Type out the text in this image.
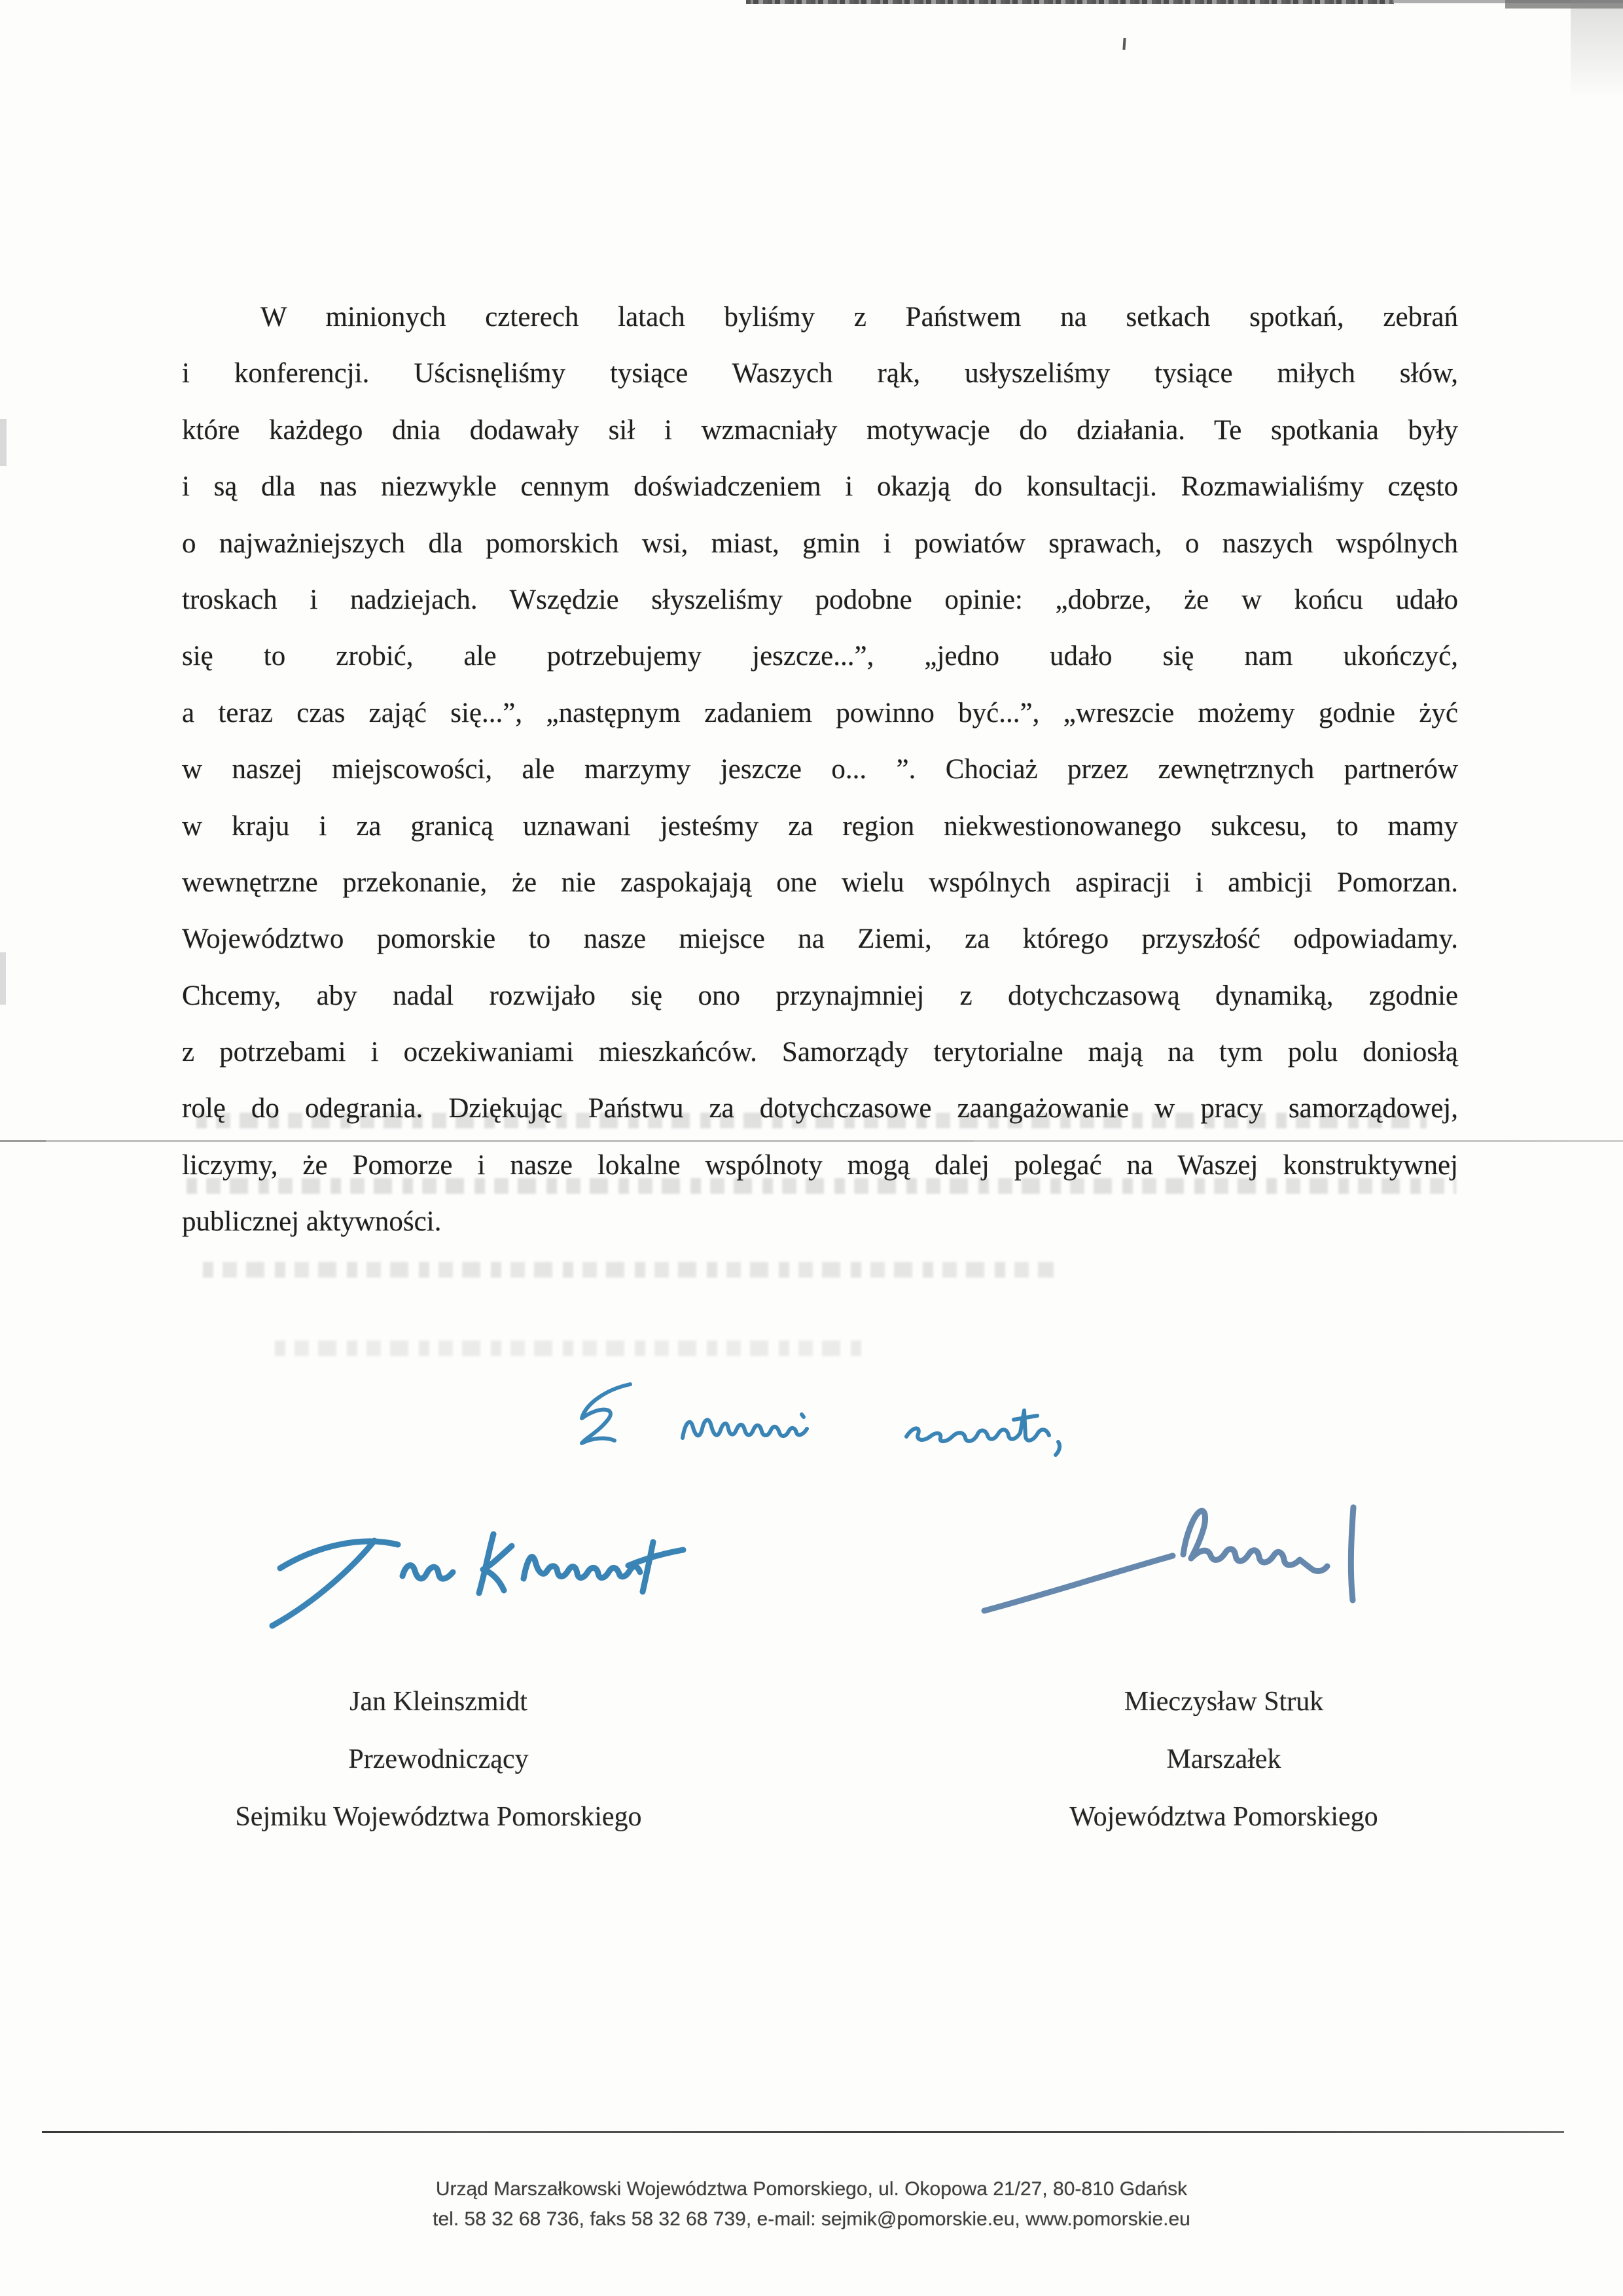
W minionych czterech latach byliśmy z Państwem na setkach spotkań, zebrań
i konferencji. Uścisnęliśmy tysiące Waszych rąk, usłyszeliśmy tysiące miłych słów,
które każdego dnia dodawały sił i wzmacniały motywacje do działania. Te spotkania były
i są dla nas niezwykle cennym doświadczeniem i okazją do konsultacji. Rozmawialiśmy często
o najważniejszych dla pomorskich wsi, miast, gmin i powiatów sprawach, o naszych wspólnych
troskach i nadziejach. Wszędzie słyszeliśmy podobne opinie: „dobrze, że w końcu udało
się to zrobić, ale potrzebujemy jeszcze...”, „jedno udało się nam ukończyć,
a teraz czas zająć się...”, „następnym zadaniem powinno być...”, „wreszcie możemy godnie żyć
w naszej miejscowości, ale marzymy jeszcze o... ”. Chociaż przez zewnętrznych partnerów
w kraju i za granicą uznawani jesteśmy za region niekwestionowanego sukcesu, to mamy
wewnętrzne przekonanie, że nie zaspokajają one wielu wspólnych aspiracji i ambicji Pomorzan.
Województwo pomorskie to nasze miejsce na Ziemi, za którego przyszłość odpowiadamy.
Chcemy, aby nadal rozwijało się ono przynajmniej z dotychczasową dynamiką, zgodnie
z potrzebami i oczekiwaniami mieszkańców. Samorządy terytorialne mają na tym polu doniosłą
rolę do odegrania. Dziękując Państwu za dotychczasowe zaangażowanie w pracy samorządowej,
liczymy, że Pomorze i nasze lokalne wspólnoty mogą dalej polegać na Waszej konstruktywnej
publicznej aktywności.
Jan Kleinszmidt
Przewodniczący
Sejmiku Województwa Pomorskiego
Mieczysław Struk
Marszałek
Województwa Pomorskiego
Urząd Marszałkowski Województwa Pomorskiego, ul. Okopowa 21/27, 80-810 Gdańsk
tel. 58 32 68 736, faks 58 32 68 739, e-mail: sejmik@pomorskie.eu, www.pomorskie.eu
